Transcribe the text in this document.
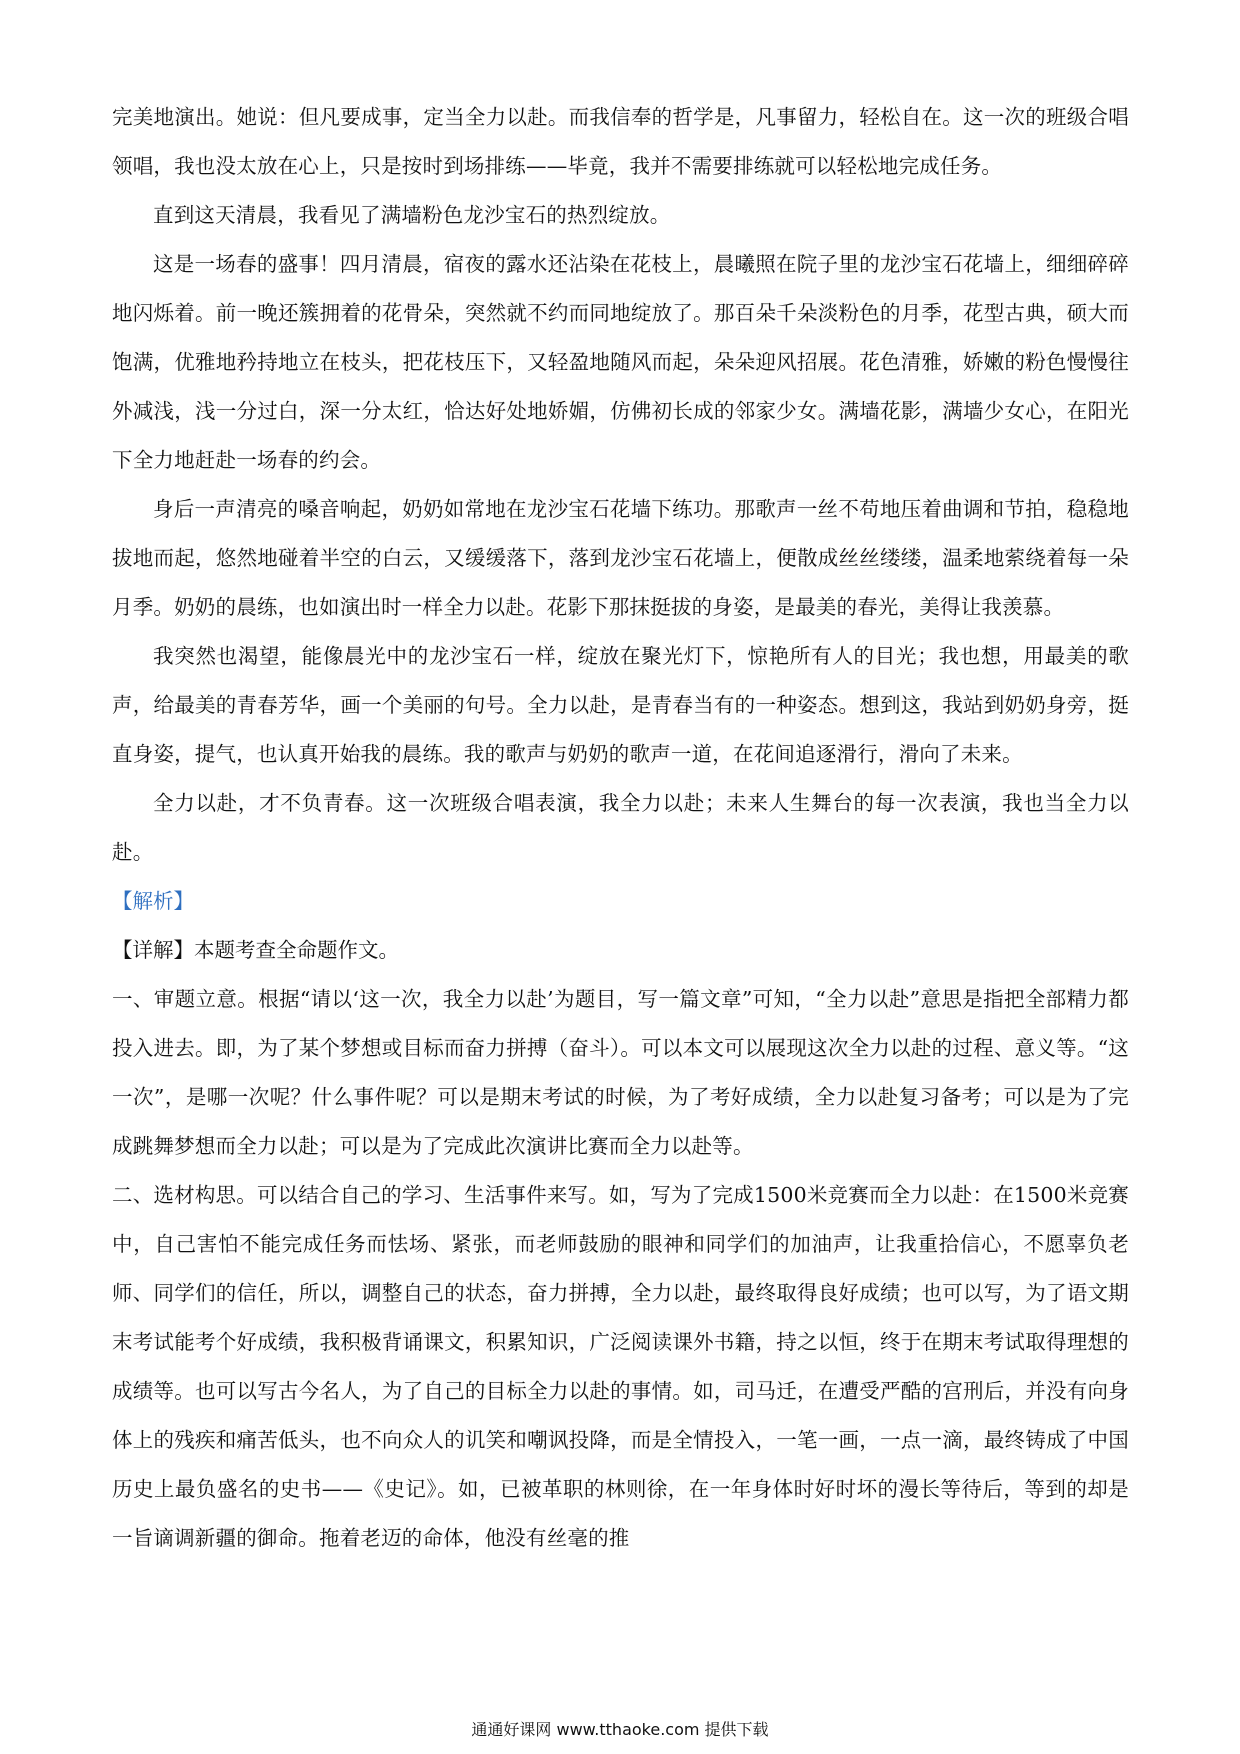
完美地演出。她说：但凡要成事，定当全力以赴。而我信奉的哲学是，凡事留力，轻松自在。这一次的班级合唱领唱，我也没太放在心上，只是按时到场排练——毕竟，我并不需要排练就可以轻松地完成任务。

直到这天清晨，我看见了满墙粉色龙沙宝石的热烈绽放。

这是一场春的盛事！四月清晨，宿夜的露水还沾染在花枝上，晨曦照在院子里的龙沙宝石花墙上，细细碎碎地闪烁着。前一晚还簇拥着的花骨朵，突然就不约而同地绽放了。那百朵千朵淡粉色的月季，花型古典，硕大而饱满，优雅地矜持地立在枝头，把花枝压下，又轻盈地随风而起，朵朵迎风招展。花色清雅，娇嫩的粉色慢慢往外减浅，浅一分过白，深一分太红，恰达好处地娇媚，仿佛初长成的邻家少女。满墙花影，满墙少女心，在阳光下全力地赶赴一场春的约会。

身后一声清亮的嗓音响起，奶奶如常地在龙沙宝石花墙下练功。那歌声一丝不苟地压着曲调和节拍，稳稳地拔地而起，悠然地碰着半空的白云，又缓缓落下，落到龙沙宝石花墙上，便散成丝丝缕缕，温柔地萦绕着每一朵月季。奶奶的晨练，也如演出时一样全力以赴。花影下那抹挺拔的身姿，是最美的春光，美得让我羡慕。

我突然也渴望，能像晨光中的龙沙宝石一样，绽放在聚光灯下，惊艳所有人的目光；我也想，用最美的歌声，给最美的青春芳华，画一个美丽的句号。全力以赴，是青春当有的一种姿态。想到这，我站到奶奶身旁，挺直身姿，提气，也认真开始我的晨练。我的歌声与奶奶的歌声一道，在花间追逐滑行，滑向了未来。

全力以赴，才不负青春。这一次班级合唱表演，我全力以赴；未来人生舞台的每一次表演，我也当全力以赴。

【解析】

【详解】本题考查全命题作文。

一、审题立意。根据“请以‘这一次，我全力以赴’为题目，写一篇文章”可知，“全力以赴”意思是指把全部精力都投入进去。即，为了某个梦想或目标而奋力拼搏（奋斗）。可以本文可以展现这次全力以赴的过程、意义等。“这一次”，是哪一次呢？什么事件呢？可以是期末考试的时候，为了考好成绩，全力以赴复习备考；可以是为了完成跳舞梦想而全力以赴；可以是为了完成此次演讲比赛而全力以赴等。

二、选材构思。可以结合自己的学习、生活事件来写。如，写为了完成1500米竞赛而全力以赴：在1500米竞赛中，自己害怕不能完成任务而怯场、紧张，而老师鼓励的眼神和同学们的加油声，让我重拾信心，不愿辜负老师、同学们的信任，所以，调整自己的状态，奋力拼搏，全力以赴，最终取得良好成绩；也可以写，为了语文期末考试能考个好成绩，我积极背诵课文，积累知识，广泛阅读课外书籍，持之以恒，终于在期末考试取得理想的成绩等。也可以写古今名人，为了自己的目标全力以赴的事情。如，司马迁，在遭受严酷的宫刑后，并没有向身体上的残疾和痛苦低头，也不向众人的讥笑和嘲讽投降，而是全情投入，一笔一画，一点一滴，最终铸成了中国历史上最负盛名的史书——《史记》。如，已被革职的林则徐，在一年身体时好时坏的漫长等待后，等到的却是一旨谪调新疆的御命。拖着老迈的命体，他没有丝毫的推

通通好课网 www.tthaoke.com 提供下载
